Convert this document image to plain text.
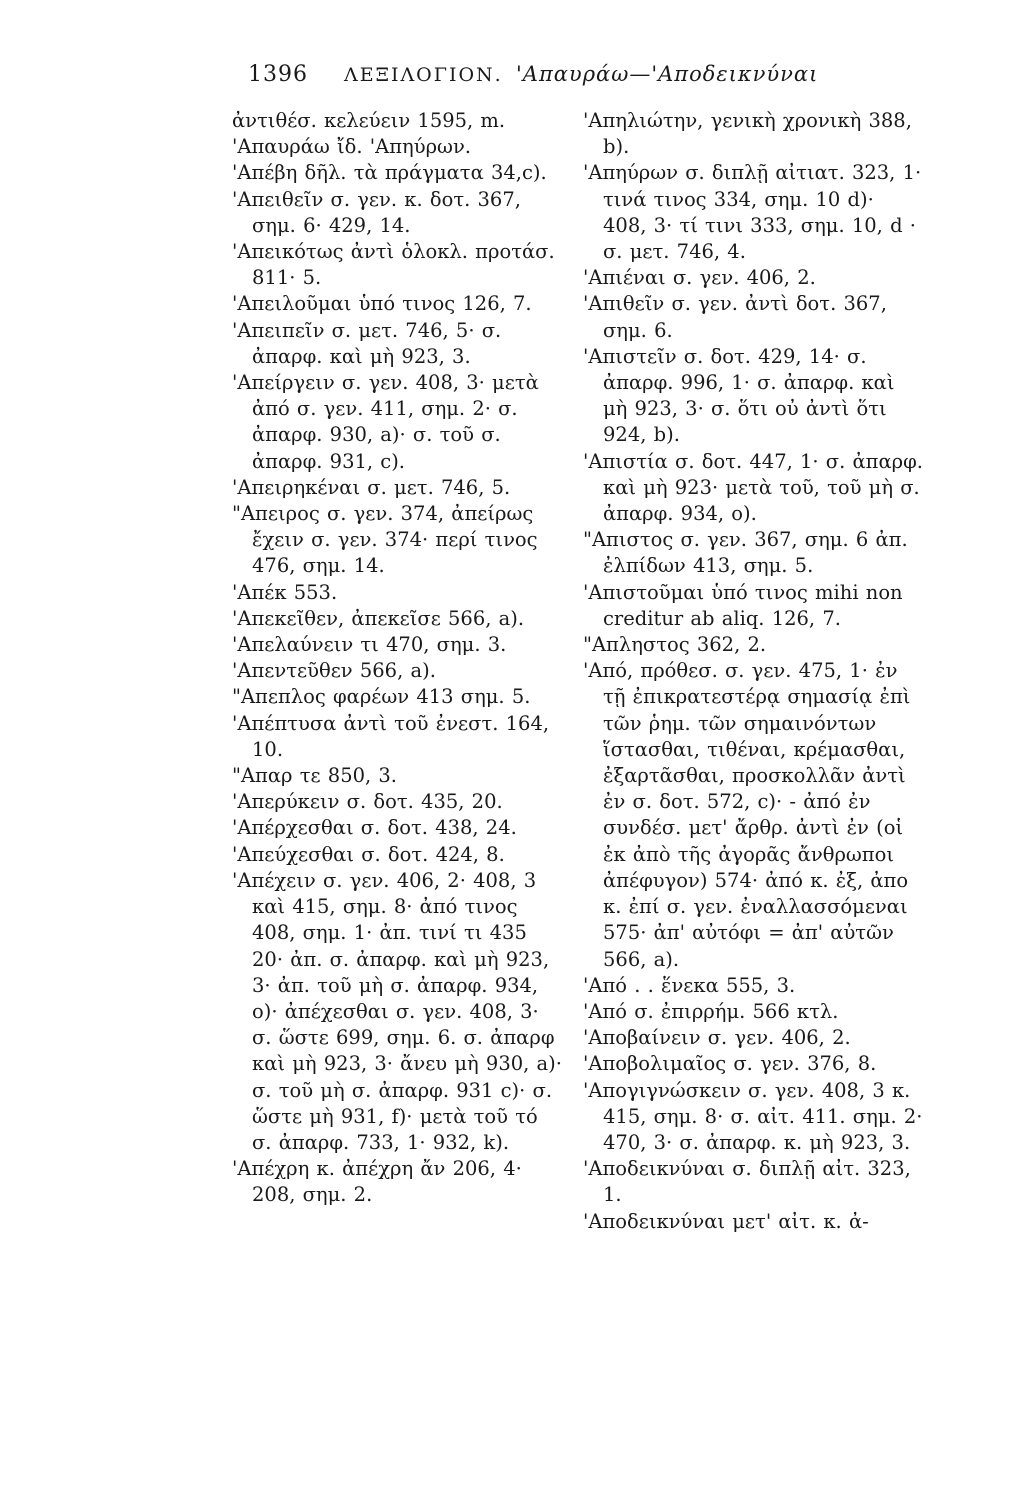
1396 ΛΕΞΙΛΟΓΙΟΝ. 'Απαυράω—'Αποδεικνύναι

ἀντιθέσ. κελεύειν 1595, m.

'Απαυράω ἴδ. 'Απηύρων.

'Απέβη δῆλ. τὰ πράγματα 34,c).

'Απειθεῖν σ. γεν. κ. δοτ. 367, σημ. 6· 429, 14.

'Απεικότως ἀντὶ ὁλοκλ. προτάσ. 811· 5.

'Απειλοῦμαι ὑπό τινος 126, 7.

'Απειπεῖν σ. μετ. 746, 5· σ. ἀπαρφ. καὶ μὴ 923, 3.

'Απείργειν σ. γεν. 408, 3· μετὰ ἀπό σ. γεν. 411, σημ. 2· σ. ἀπαρφ. 930, a)· σ. τοῦ σ. ἀπαρφ. 931, c).

'Απειρηκέναι σ. μετ. 746, 5.

"Απειρος σ. γεν. 374, ἀπείρως ἔχειν σ. γεν. 374· περί τινος 476, σημ. 14.

'Απέκ 553.

'Απεκεῖθεν, ἀπεκεῖσε 566, a).

'Απελαύνειν τι 470, σημ. 3.

'Απεντεῦθεν 566, a).

"Απεπλος φαρέων 413 σημ. 5.

'Απέπτυσα ἀντὶ τοῦ ἐνεστ. 164, 10.

"Απαρ τε 850, 3.

'Απερύκειν σ. δοτ. 435, 20.

'Απέρχεσθαι σ. δοτ. 438, 24.

'Απεύχεσθαι σ. δοτ. 424, 8.

'Απέχειν σ. γεν. 406, 2· 408, 3 καὶ 415, σημ. 8· ἀπό τινος 408, σημ. 1· ἀπ. τινί τι 435 20· ἀπ. σ. ἀπαρφ. καὶ μὴ 923, 3· ἀπ. τοῦ μὴ σ. ἀπαρφ. 934, o)· ἀπέχεσθαι σ. γεν. 408, 3· σ. ὥστε 699, σημ. 6. σ. ἀπαρφ καὶ μὴ 923, 3· ἄνευ μὴ 930, a)· σ. τοῦ μὴ σ. ἀπαρφ. 931 c)· σ. ὥστε μὴ 931, f)· μετὰ τοῦ τό σ. ἀπαρφ. 733, 1· 932, k).

'Απέχρη κ. ἀπέχρη ἄν 206, 4· 208, σημ. 2.

'Απηλιώτην, γενικὴ χρονικὴ 388, b).

'Απηύρων σ. διπλῇ αἰτιατ. 323, 1· τινά τινος 334, σημ. 10 d)· 408, 3· τί τινι 333, σημ. 10, d · σ. μετ. 746, 4.

'Απιέναι σ. γεν. 406, 2.

'Απιθεῖν σ. γεν. ἀντὶ δοτ. 367, σημ. 6.

'Απιστεῖν σ. δοτ. 429, 14· σ. ἀπαρφ. 996, 1· σ. ἀπαρφ. καὶ μὴ 923, 3· σ. ὅτι οὐ ἀντὶ ὅτι 924, b).

'Απιστία σ. δοτ. 447, 1· σ. ἀπαρφ. καὶ μὴ 923· μετὰ τοῦ, τοῦ μὴ σ. ἀπαρφ. 934, o).

"Απιστος σ. γεν. 367, σημ. 6 ἀπ. ἐλπίδων 413, σημ. 5.

'Απιστοῦμαι ὑπό τινος mihi non creditur ab aliq. 126, 7.

"Απληστος 362, 2.

'Από, πρόθεσ. σ. γεν. 475, 1· ἐν τῇ ἐπικρατεστέρᾳ σημασίᾳ ἐπὶ τῶν ῥημ. τῶν σημαινόντων ἵστασθαι, τιθέναι, κρέμασθαι, ἐξαρτᾶσθαι, προσκολλᾶν ἀντὶ ἐν σ. δοτ. 572, c)· - ἀπό ἐν συνδέσ. μετ' ἄρθρ. ἀντὶ ἐν (οἱ ἐκ ἀπὸ τῆς ἀγορᾶς ἄνθρωποι ἀπέφυγον) 574· ἀπό κ. ἐξ, ἀπο κ. ἐπί σ. γεν. ἐναλλασσόμεναι 575· ἀπ' αὐτόφι = ἀπ' αὐτῶν 566, a).

'Από . . ἕνεκα 555, 3.

'Από σ. ἐπιρρήμ. 566 κτλ.

'Αποβαίνειν σ. γεν. 406, 2.

'Αποβολιμαῖος σ. γεν. 376, 8.

'Απογιγνώσκειν σ. γεν. 408, 3 κ. 415, σημ. 8· σ. αἰτ. 411. σημ. 2· 470, 3· σ. ἀπαρφ. κ. μὴ 923, 3.

'Αποδεικνύναι σ. διπλῇ αἰτ. 323, 1.

'Αποδεικνύναι μετ' αἰτ. κ. ἀ-
